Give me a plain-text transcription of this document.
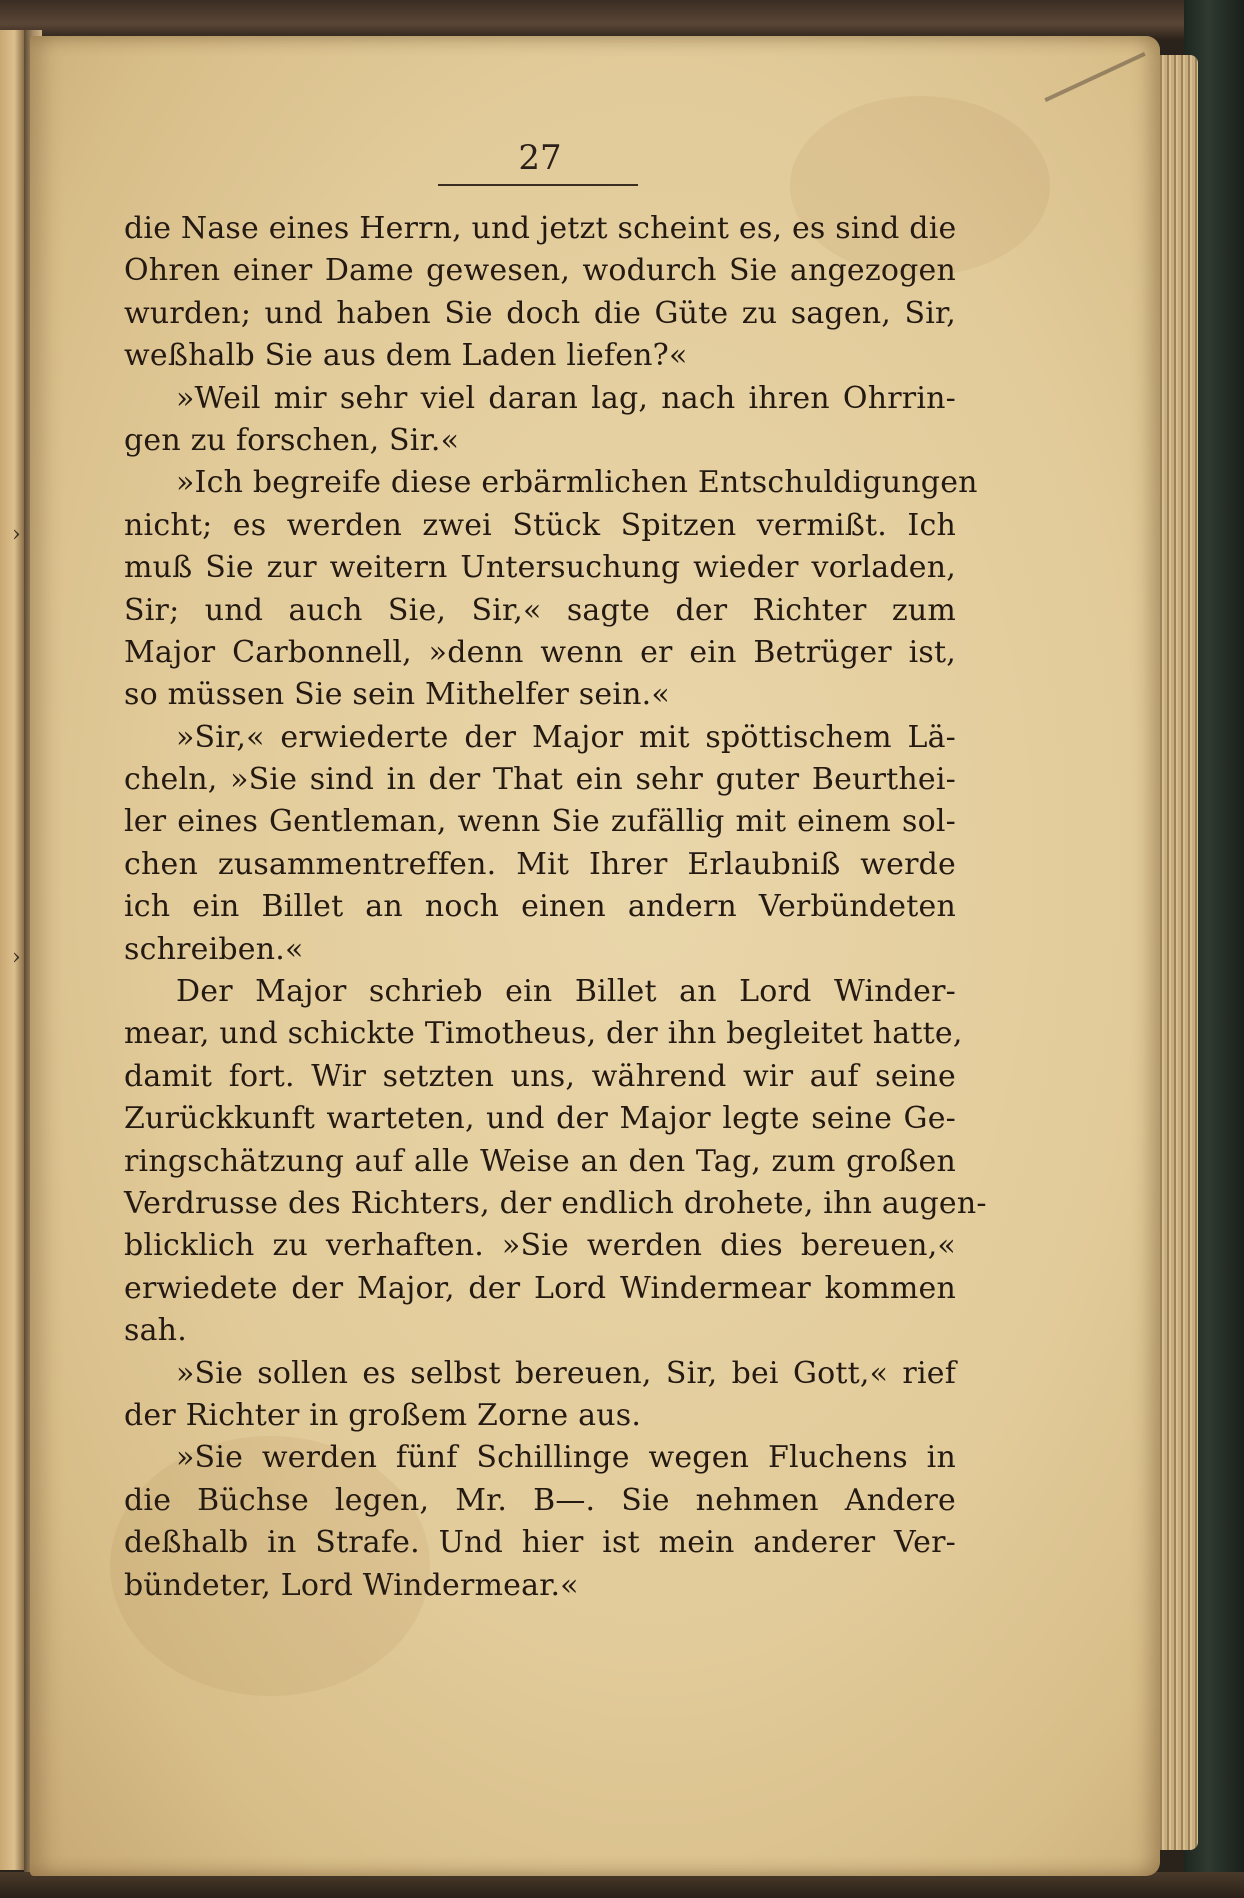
27
die Nase eines Herrn, und jetzt scheint es, es sind die
Ohren einer Dame gewesen, wodurch Sie angezogen
wurden; und haben Sie doch die Güte zu sagen, Sir,
weßhalb Sie aus dem Laden liefen?«
»Weil mir sehr viel daran lag, nach ihren Ohrrin-
gen zu forschen, Sir.«
»Ich begreife diese erbärmlichen Entschuldigungen
nicht; es werden zwei Stück Spitzen vermißt. Ich
muß Sie zur weitern Untersuchung wieder vorladen,
Sir; und auch Sie, Sir,« sagte der Richter zum
Major Carbonnell, »denn wenn er ein Betrüger ist,
so müssen Sie sein Mithelfer sein.«
»Sir,« erwiederte der Major mit spöttischem Lä-
cheln, »Sie sind in der That ein sehr guter Beurthei-
ler eines Gentleman, wenn Sie zufällig mit einem sol-
chen zusammentreffen. Mit Ihrer Erlaubniß werde
ich ein Billet an noch einen andern Verbündeten
schreiben.«
Der Major schrieb ein Billet an Lord Winder-
mear, und schickte Timotheus, der ihn begleitet hatte,
damit fort. Wir setzten uns, während wir auf seine
Zurückkunft warteten, und der Major legte seine Ge-
ringschätzung auf alle Weise an den Tag, zum großen
Verdrusse des Richters, der endlich drohete, ihn augen-
blicklich zu verhaften. »Sie werden dies bereuen,«
erwiedete der Major, der Lord Windermear kommen
sah.
»Sie sollen es selbst bereuen, Sir, bei Gott,« rief
der Richter in großem Zorne aus.
»Sie werden fünf Schillinge wegen Fluchens in
die Büchse legen, Mr. B—. Sie nehmen Andere
deßhalb in Strafe. Und hier ist mein anderer Ver-
bündeter, Lord Windermear.«
›
›
